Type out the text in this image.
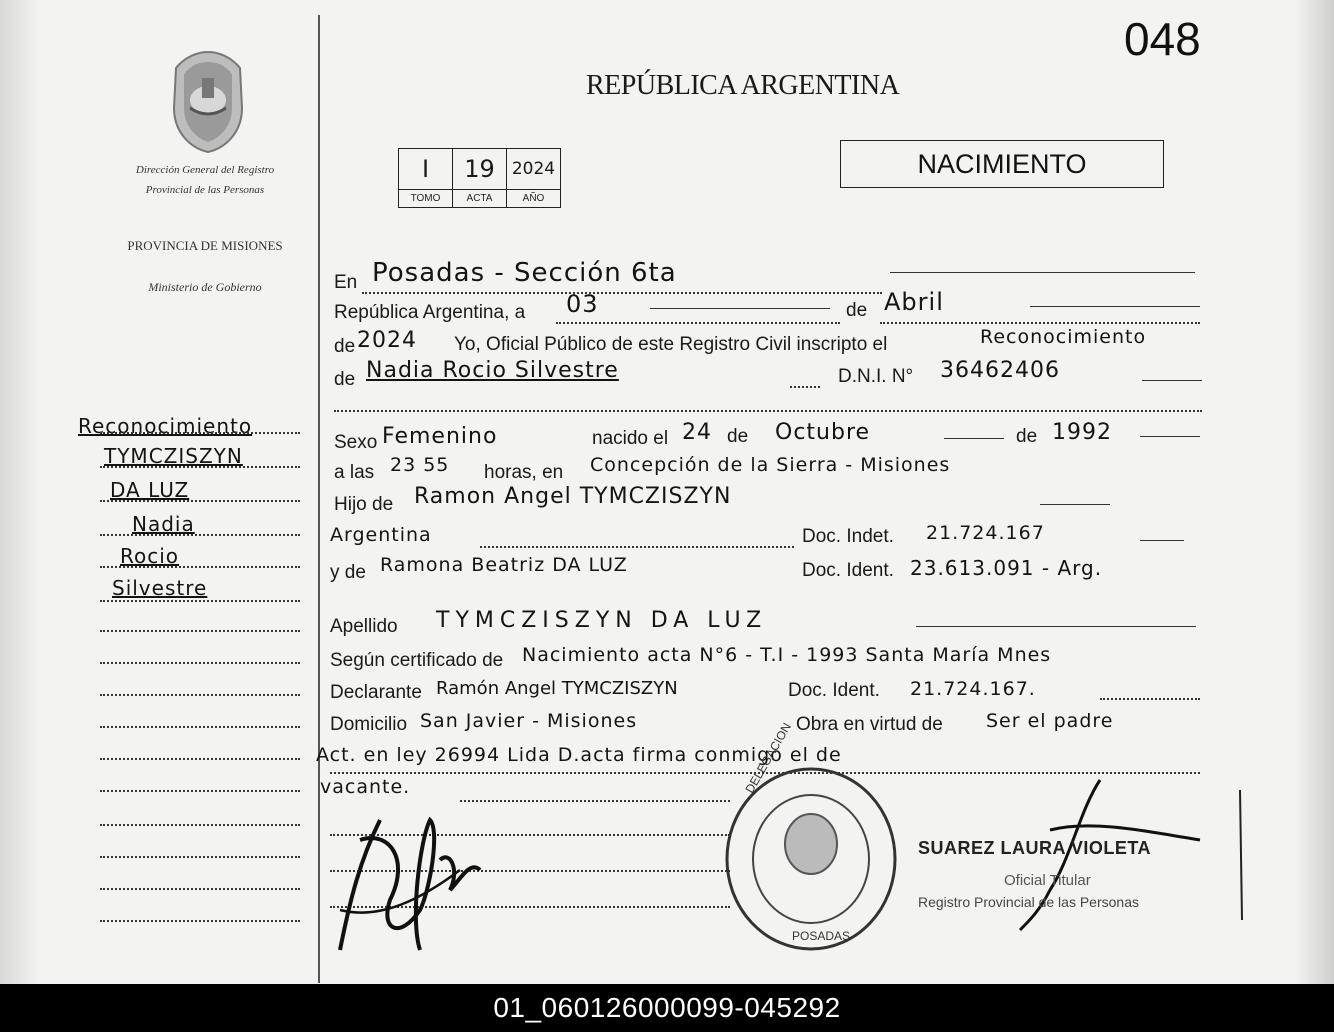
048
Dirección General del Registro Provincial de las Personas
PROVINCIA DE MISIONES
Ministerio de Gobierno
REPÚBLICA ARGENTINA
I	19	2024
TOMO	ACTA	AÑO
NACIMIENTO
En Posadas - Sección 6ta
República Argentina, a 03	de Abril
de 2024 Yo, Oficial Público de este Registro Civil inscripto el	Reconocimiento
de Nadia Rocio Silvestre	D.N.I. N° 36462406
Sexo Femenino	nacido el 24 de Octubre	de 1992
a las 23 55 horas, en Concepción de la Sierra - Misiones
Hijo de Ramon Angel TYMCZISZYN
Argentina	Doc. Indet. 21.724.167
y de Ramona Beatriz DA LUZ	Doc. Ident. 23.613.091 - Arg.
Apellido TYMCZISZYN DA LUZ
Según certificado de Nacimiento acta N°6 - T.I - 1993 Santa María Mnes
Declarante Ramón Angel TYMCZISZYN	Doc. Ident. 21.724.167.
Domicilio San Javier - Misiones	Obra en virtud de Ser el padre
Act. en ley 26994 Lida D.acta firma conmigo el de
vacante.
Reconocimiento
TYMCZISZYN
DA LUZ
Nadia
Rocio
Silvestre
DELEGACION
POSADAS
SUAREZ LAURA VIOLETA
Oficial Titular
Registro Provincial de las Personas
01_060126000099-045292
